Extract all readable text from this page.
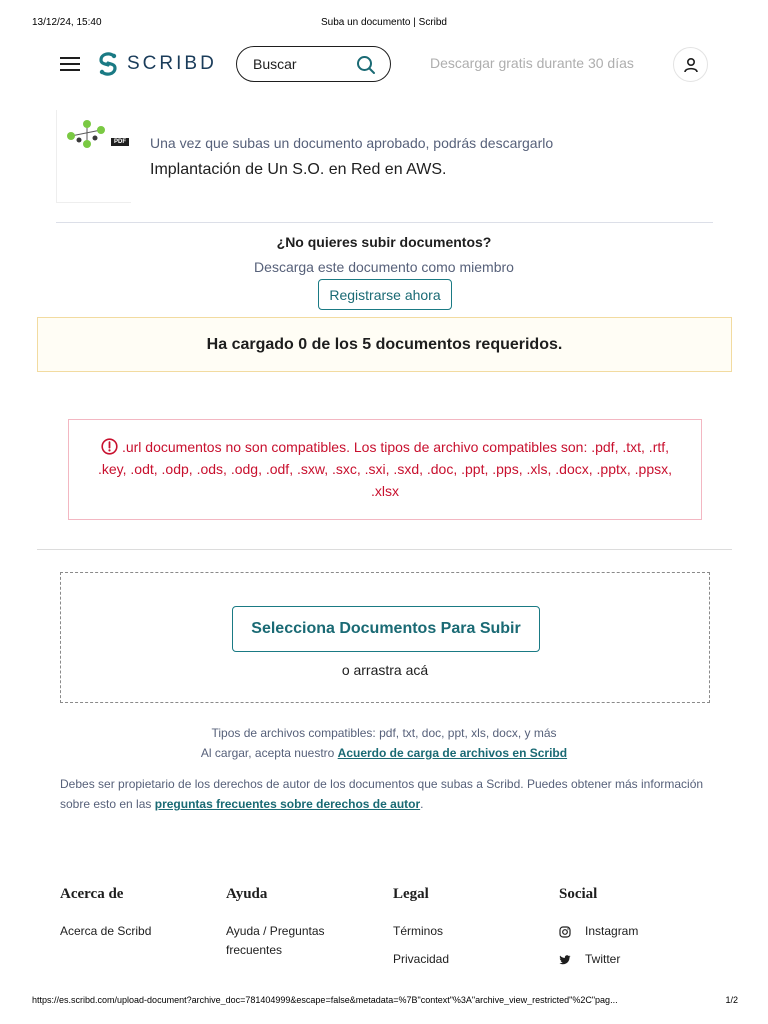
13/12/24, 15:40	Suba un documento | Scribd
SCRIBD
Buscar	Descargar gratis durante 30 días
PDF Una vez que subas un documento aprobado, podrás descargarlo
Implantación de Un S.O. en Red en AWS.
¿No quieres subir documentos?
Descarga este documento como miembro
Registrarse ahora
Ha cargado 0 de los 5 documentos requeridos.
.url documentos no son compatibles. Los tipos de archivo compatibles son: .pdf, .txt, .rtf, .key, .odt, .odp, .ods, .odg, .odf, .sxw, .sxc, .sxi, .sxd, .doc, .ppt, .pps, .xls, .docx, .pptx, .ppsx, .xlsx
Selecciona Documentos Para Subir
o arrastra acá
Tipos de archivos compatibles: pdf, txt, doc, ppt, xls, docx, y más
Al cargar, acepta nuestro Acuerdo de carga de archivos en Scribd
Debes ser propietario de los derechos de autor de los documentos que subas a Scribd. Puedes obtener más información sobre esto en las preguntas frecuentes sobre derechos de autor.
Acerca de
Acerca de Scribd
Ayuda
Ayuda / Preguntas frecuentes
Legal
Términos
Privacidad
Social
Instagram
Twitter
https://es.scribd.com/upload-document?archive_doc=781404999&escape=false&metadata=%7B"context"%3A"archive_view_restricted"%2C"pag...	1/2
